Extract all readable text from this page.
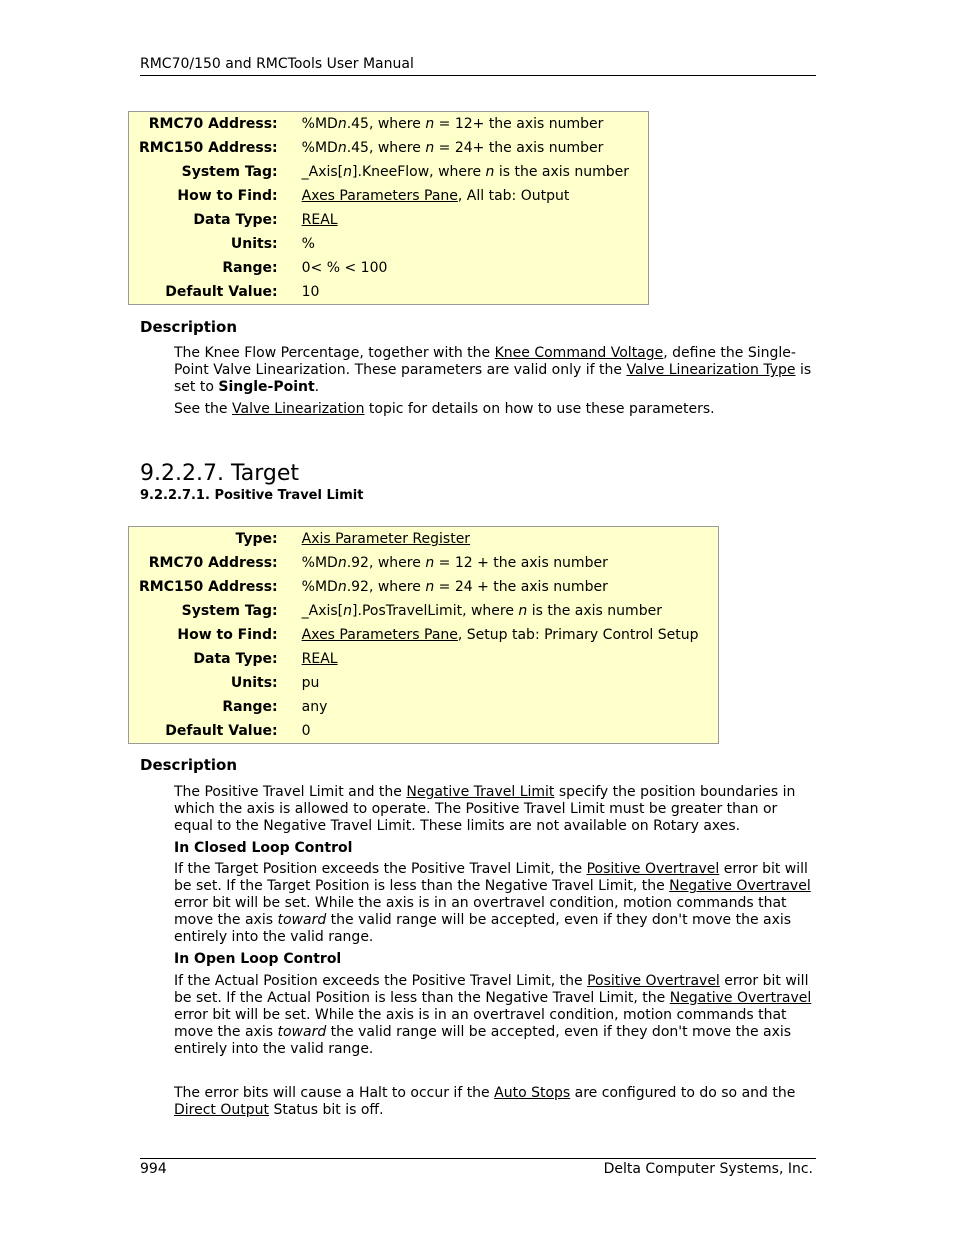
RMC70/150 and RMCTools User Manual
RMC70 Address:	%MDn.45, where n = 12+ the axis number
RMC150 Address:	%MDn.45, where n = 24+ the axis number
System Tag:	_Axis[n].KneeFlow, where n is the axis number
How to Find:	Axes Parameters Pane, All tab: Output
Data Type:	REAL
Units:	%
Range:	0< % < 100
Default Value:	10
Description

The Knee Flow Percentage, together with the Knee Command Voltage, define the Single-Point Valve Linearization. These parameters are valid only if the Valve Linearization Type is set to Single-Point.

See the Valve Linearization topic for details on how to use these parameters.

9.2.2.7. Target
9.2.2.7.1. Positive Travel Limit
Type:	Axis Parameter Register
RMC70 Address:	%MDn.92, where n = 12 + the axis number
RMC150 Address:	%MDn.92, where n = 24 + the axis number
System Tag:	_Axis[n].PosTravelLimit, where n is the axis number
How to Find:	Axes Parameters Pane, Setup tab: Primary Control Setup
Data Type:	REAL
Units:	pu
Range:	any
Default Value:	0
Description

The Positive Travel Limit and the Negative Travel Limit specify the position boundaries in which the axis is allowed to operate. The Positive Travel Limit must be greater than or equal to the Negative Travel Limit. These limits are not available on Rotary axes.

In Closed Loop Control

If the Target Position exceeds the Positive Travel Limit, the Positive Overtravel error bit will be set. If the Target Position is less than the Negative Travel Limit, the Negative Overtravel error bit will be set. While the axis is in an overtravel condition, motion commands that move the axis toward the valid range will be accepted, even if they don't move the axis entirely into the valid range.

In Open Loop Control

If the Actual Position exceeds the Positive Travel Limit, the Positive Overtravel error bit will be set. If the Actual Position is less than the Negative Travel Limit, the Negative Overtravel error bit will be set. While the axis is in an overtravel condition, motion commands that move the axis toward the valid range will be accepted, even if they don't move the axis entirely into the valid range.

The error bits will cause a Halt to occur if the Auto Stops are configured to do so and the Direct Output Status bit is off.

994	Delta Computer Systems, Inc.
